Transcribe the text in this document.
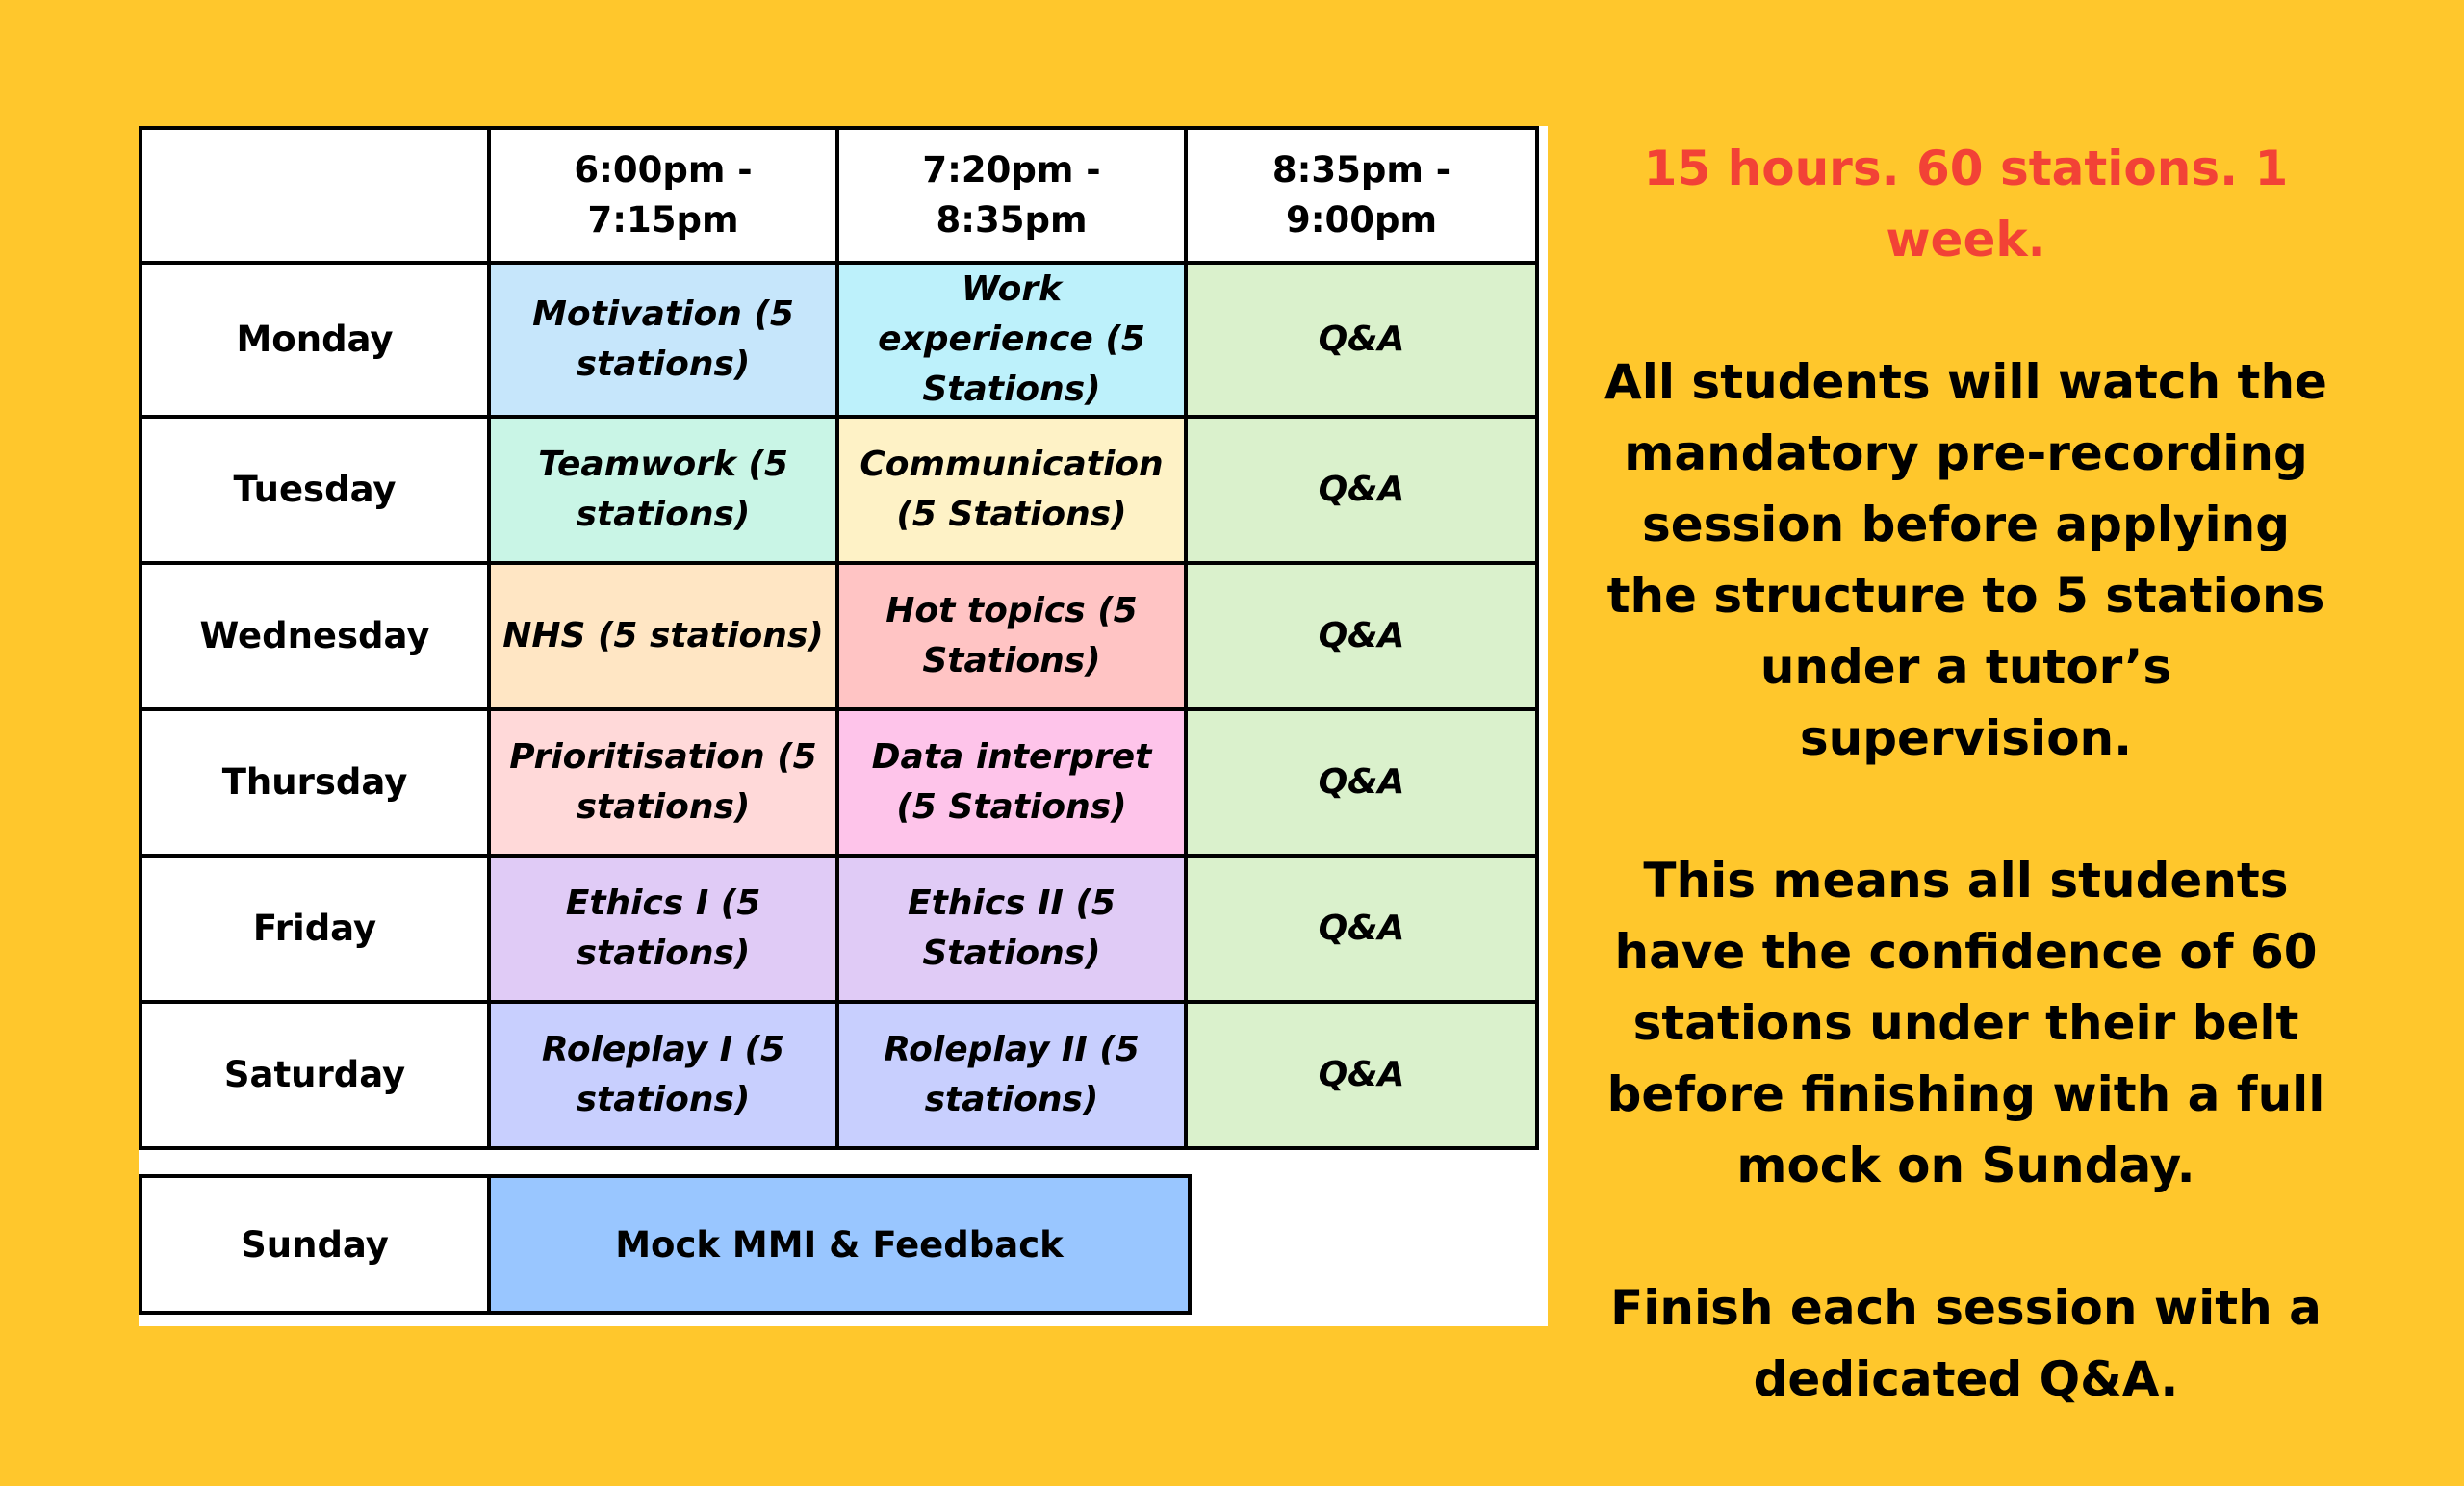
	6:00pm - 7:15pm	7:20pm - 8:35pm	8:35pm - 9:00pm
Monday	Motivation (5 stations)	Work experience (5 Stations)	Q&A
Tuesday	Teamwork (5 stations)	Communication (5 Stations)	Q&A
Wednesday	NHS (5 stations)	Hot topics (5 Stations)	Q&A
Thursday	Prioritisation (5 stations)	Data interpret (5 Stations)	Q&A
Friday	Ethics I (5 stations)	Ethics II (5 Stations)	Q&A
Saturday	Roleplay I (5 stations)	Roleplay II (5 stations)	Q&A
Sunday	Mock MMI & Feedback

15 hours. 60 stations. 1 week.

All students will watch the mandatory pre-recording session before applying the structure to 5 stations under a tutor’s supervision.

This means all students have the confidence of 60 stations under their belt before finishing with a full mock on Sunday.

Finish each session with a dedicated Q&A.
